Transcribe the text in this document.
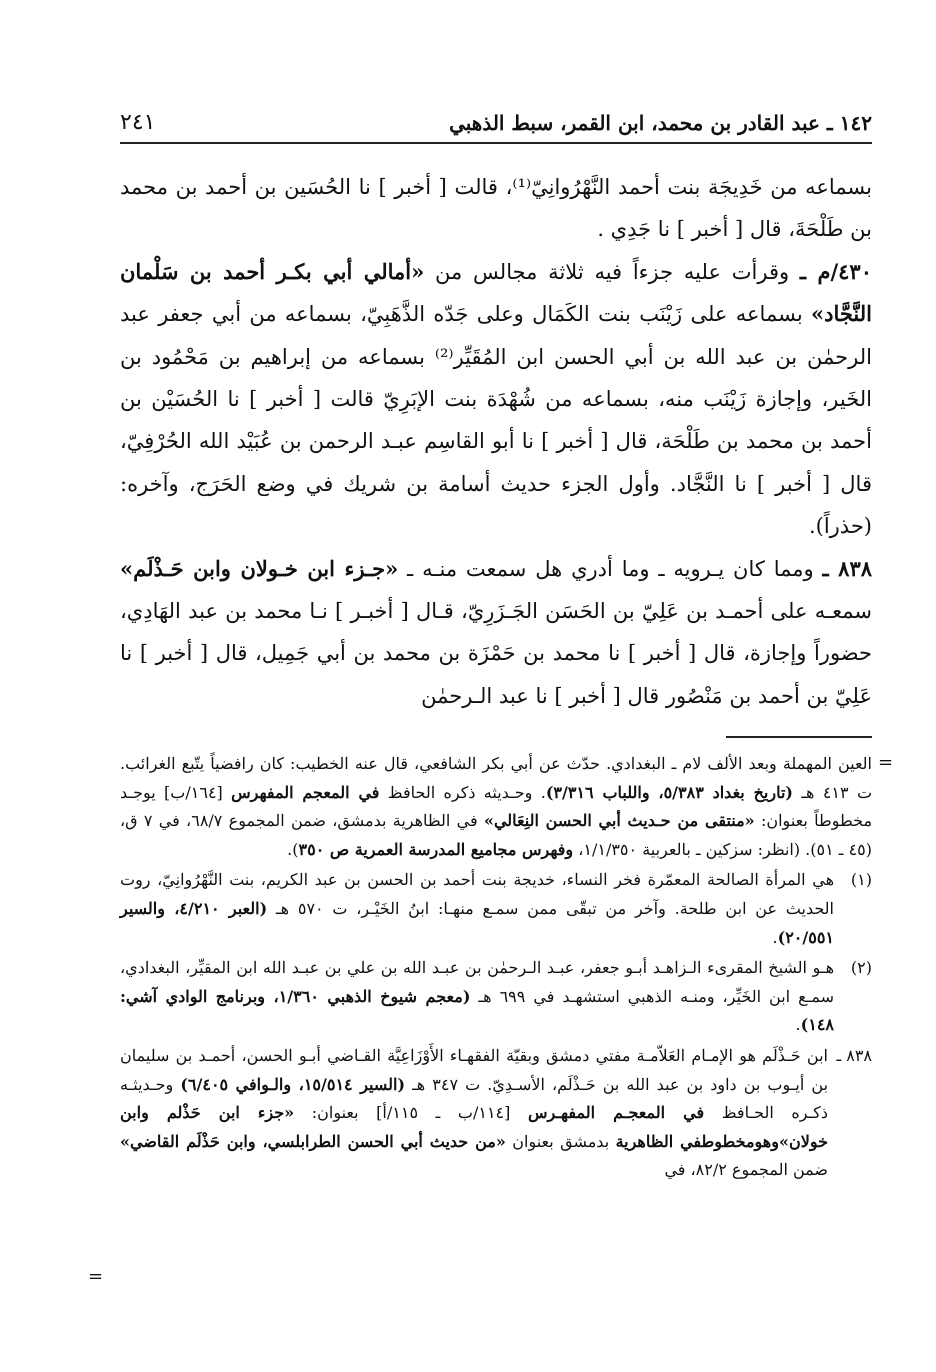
١٤٢ ـ عبد القادر بن محمد، ابن القمر، سبط الذهبي
٢٤١

بسماعه من خَدِيجَة بنت أحمد النَّهْرُوانِيّ⁽¹⁾، قالت [ أخبر ] نا الحُسَين بن أحمد بن محمد بن طَلْحَةَ، قال [ أخبر ] نا جَدِي .

٤٣٠/م ـ وقرأت عليه جزءاً فيه ثلاثة مجالس من «أمالي أبي بكـر أحمد بن سَلْمان النَّجَّاد» بسماعه على زَيْنَب بنت الكَمَال وعلى جَدّه الذَّهَبِيّ، بسماعه من أبي جعفر عبد الرحمٰن بن عبد الله بن أبي الحسن ابن المُقَيِّر⁽²⁾ بسماعه من إبراهيم بن مَحْمُود بن الخَير، وإجازة زَيْنَب منه، بسماعه من شُهْدَة بنت الإبَرِيّ قالت [ أخبر ] نا الحُسَيْن بن أحمد بن محمد بن طَلْحَة، قال [ أخبر ] نا أبو القاسِم عبـد الرحمن بن عُبَيْد الله الحُرْفِيّ، قال [ أخبر ] نا النَّجَّاد. وأول الجزء حديث أسامة بن شريك في وضع الحَرَج، وآخره: (حذراً).

٨٣٨ ـ ومما كان يـرويه ـ وما أدري هل سمعت منـه ـ «جـزء ابن خـولان وابن حَـذْلَم» سمعـه على أحمـد بن عَلِيّ بن الحَسَن الجَـزَرِيّ، قـال [ أخبـر ] نـا محمد بن عبد الهَادِي، حضوراً وإجازة، قال [ أخبر ] نا محمد بن حَمْزَة بن محمد بن أبي جَمِيل، قال [ أخبر ] نا عَلِيّ بن أحمد بن مَنْصُور قال [ أخبر ] نا عبد الـرحمٰن

=
العين المهملة وبعد الألف لام ـ البغدادي. حدّث عن أبي بكر الشافعي، قال عنه الخطيب: كان رافضياً يتّبع الغرائب. ت ٤١٣ هـ (تاريخ بغداد ٥/٣٨٣، واللباب ٣/٣١٦). وحـديثه ذكره الحافظ في المعجم المفهرس [١٦٤/ب] يوجـد مخطوطاً بعنوان: «منتقى من حـديث أبي الحسن النِعَالي» في الظاهرية بدمشق، ضمن المجموع ٦٨/٧، في ٧ ق، (٤٥ ـ ٥١). (انظر: سزكين ـ بالعربية ١/١/٣٥٠، وفهرس مجاميع المدرسة العمرية ص ٣٥٠).
(١)
هي المرأة الصالحة المعمّرة فخر النساء، خديجة بنت أحمد بن الحسن بن عبد الكريم، بنت النَّهْرُوانِيّ، روت الحديث عن ابن طلحة. وآخر من تبقّى ممن سمـع منهـا: ابنُ الخَيْـر، ت ٥٧٠ هـ (العبر ٤/٢١٠، والسير ٢٠/٥٥١).
(٢)
هـو الشيخ المقرىء الـزاهـد أبـو جعفر، عبـد الـرحمٰن بن عبـد الله بن علي بن عبـد الله ابن المقيِّر، البغدادي، سمـع ابن الخَيِّر، ومنـه الذهبي استشهـد في ٦٩٩ هـ (معجم شيوخ الذهبي ١/٣٦٠، وبرنامج الوادي آشي: ١٤٨).
٨٣٨ ـ
ابن حَـذْلَم هو الإمـام العَلاّمـة مفتي دمشق وبقيّة الفقهـاء الأَوْزَاعِيَّة القـاضي أبـو الحسن، أحمـد بن سليمان بن أيـوب بن داود بن عبد الله بن حَـذْلَم، الأسـدِيّ. ت ٣٤٧ هـ (السير ١٥/٥١٤، والـوافي ٦/٤٠٥) وحـديثـه ذكـره الحـافظ في المعجـم المفهـرس [١١٤/ب ـ ١١٥/أ] بعنوان: «جزء ابن حَذْلم وابن خولان»وهومخطوطفي الظاهرية بدمشق بعنوان «من حديث أبي الحسن الطرابلسي، وابن حَذْلَم القاضي» ضمن المجموع ٨٢/٢، في
=
